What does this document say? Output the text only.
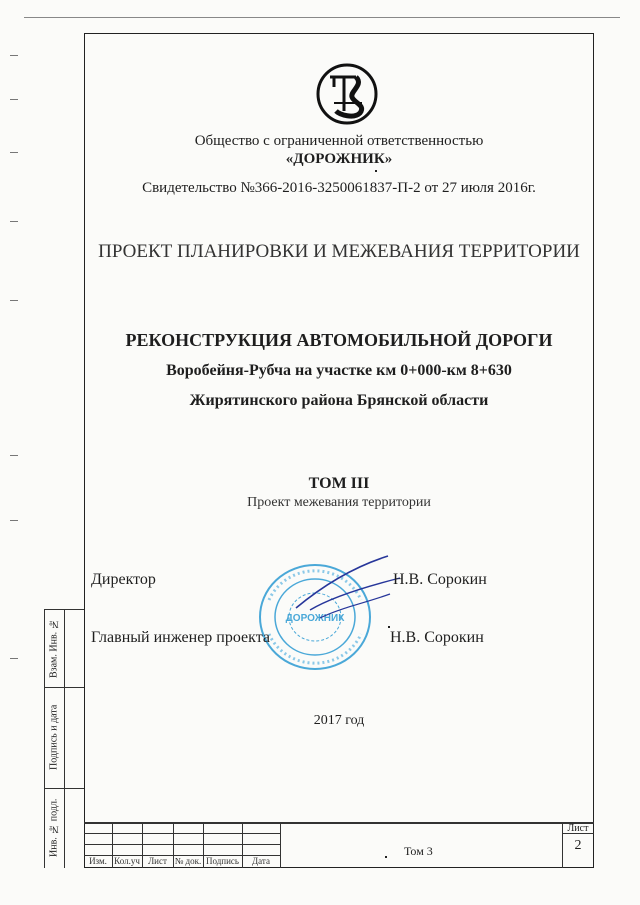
Общество с ограниченной ответственностью
«ДОРОЖНИК»
Свидетельство №366-2016-3250061837-П-2 от 27 июля 2016г.
ПРОЕКТ ПЛАНИРОВКИ И МЕЖЕВАНИЯ ТЕРРИТОРИИ
РЕКОНСТРУКЦИЯ АВТОМОБИЛЬНОЙ ДОРОГИ
Воробейня-Рубча на участке км 0+000-км 8+630
Жирятинского района Брянской области
ТОМ III
Проект межевания территории
ДОРОЖНИК
Директор	Н.В. Сорокин
Главный инженер проекта	Н.В. Сорокин
2017 год
Взам. Инв. №
Подпись и дата
Инв. № подл.
Изм. Кол.уч Лист № док. Подпись	Дата
Том 3
Лист
2
